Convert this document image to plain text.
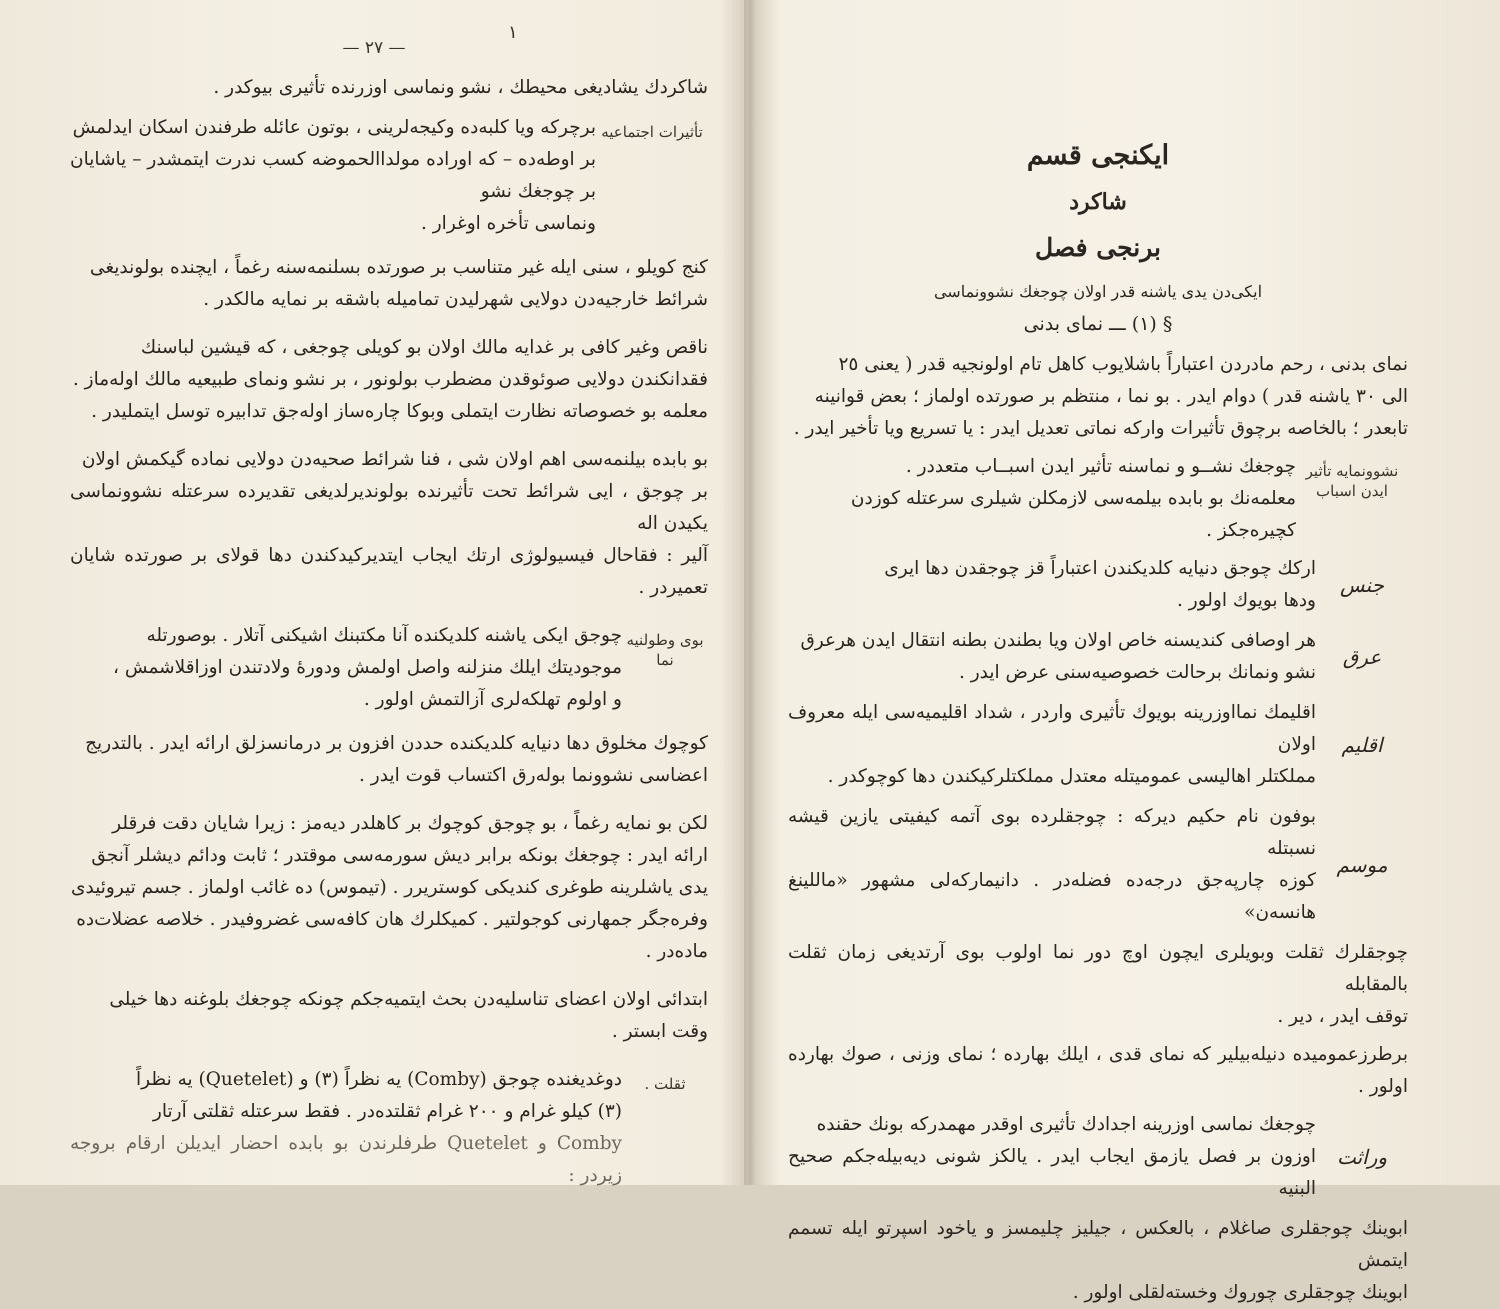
— ٢٧ —
۱

شاكردك يشاديغى محيطك ، نشو ونماسى اوزرنده تأثيرى بيوكدر .

تأثيرات اجتماعيه

برچركه ويا كلبه‌ده وكيجه‌لرينى ، بوتون عائله طرفندن اسكان ايدلمش

بر اوطه‌ده – كه اوراده مولداالحموضه كسب ندرت ايتمشدر – ياشايان بر چوجغك نشو

ونماسى تأخره اوغرار .

كنج كويلو ، سنى ايله غير متناسب بر صورتده بسلنمه‌سنه رغماً ، ايچنده بولونديغى

شرائط خارجيه‌دن دولايى شهرليدن تماميله باشقه بر نمايه مالكدر .

ناقص وغير كافى بر غدايه مالك اولان بو كويلى چوجغى ، كه قيشين لباسنك

فقدانكندن دولايى صوئوقدن مضطرب بولونور ، بر نشو ونماى طبيعيه مالك اوله‌ماز .

معلمه بو خصوصاته نظارت ايتملى وبوكا چاره‌ساز اوله‌جق تدابيره توسل ايتمليدر .

بو بابده بيلنمه‌سى اهم اولان شى ، فنا شرائط صحيه‌دن دولايى نماده گيكمش اولان

بر چوجق ، ايى شرائط تحت تأثيرنده بولونديرلديغى تقديرده سرعتله نشوونماسى يكيدن اله

آلير : فقاحال فيسيولوژى ارتك ايجاب ايتديركيدكندن دها قولاى بر صورتده شايان تعميردر .

بوى وطولنيه نما

چوجق ايكى ياشنه كلديكنده آنا مكتبنك اشيكنى آتلار . بوصورتله

موجوديتك ايلك منزلنه واصل اولمش ودورهٔ ولادتندن اوزاقلاشمش ،

و اولوم تهلكه‌لرى آزالتمش اولور .

كوچوك مخلوق دها دنيايه كلديكنده حددن افزون بر درمانسزلق ارائه ايدر . بالتدريج

اعضاسى نشوونما بوله‌رق اكتساب قوت ايدر .

لكن بو نمايه رغماً ، بو چوجق كوچوك بر كاهلدر ديه‌مز : زيرا شايان دقت فرقلر

ارائه ايدر : چوجغك بونكه برابر ديش سورمه‌سى موقتدر ؛ ثابت ودائم ديشلر آنجق

يدى ياشلرينه طوغرى كنديكى كوستريرر . (تيموس) ده غائب اولماز . جسم تيروئيدى

وفره‌جگر جمهارنى كوجولتير . كميكلرك هان كافه‌سى غضروفيدر . خلاصه عضلات‌ده

ماده‌در .

ابتدائى اولان اعضاى تناسليه‌دن بحث ايتميه‌جكم چونكه چوجغك بلوغنه دها خيلى

وقت ابستر .

ثقلت .

دوغديغنده چوجق (Comby) يه نظراً (٣) و (Quetelet) يه نظراً

(٣) كيلو غرام و ٢٠٠ غرام ثقلتده‌در . فقط سرعتله ثقلتى آرتار

Comby و Quetelet طرفلرندن بو بابده احضار ايديلن ارقام بروجه زيردر :

ايكنجى قسم
شاكرد
برنجى فصل
ايكى‌دن يدى ياشنه قدر اولان چوجغك نشوونماسى
§ (١) ـــ نماى بدنى

نماى بدنى ، رحم مادردن اعتباراً باشلايوب كاهل تام اولونجيه قدر ( يعنى ٢٥

الى ٣٠ ياشنه قدر ) دوام ايدر . بو نما ، منتظم بر صورتده اولماز ؛ بعض قوانينه

تابعدر ؛ بالخاصه برچوق تأثيرات واركه نماتى تعديل ايدر : يا تسريع ويا تأخير ايدر .

نشوونمايه تأثير ايدن اسباب

چوجغك نشــو و نماسنه تأثير ايدن اسبــاب متعددر .

معلمه‌نك بو بابده بيلمه‌سى لازمكلن شيلرى سرعتله كوزدن

كچيره‌جكز .

جنس

اركك چوجق دنيايه كلديكندن اعتباراً قز چوجقدن دها ايرى

ودها بويوك اولور .

عرق

هر اوصافى كنديسنه خاص اولان ويا بطندن بطنه انتقال ايدن هرعرق

نشو ونمانك برحالت خصوصيه‌سنى عرض ايدر .

اقليم

اقليمك نمااوزرينه بويوك تأثيرى واردر ، شداد اقليميه‌سى ايله معروف اولان

مملكتلر اهاليسى عموميتله معتدل مملكتلركيكندن دها كوچوكدر .

موسم

بوفون نام حكيم ديركه : چوجقلرده بوى آتمه كيفيتى يازين قيشه نسبتله

كوزه چارپه‌جق درجه‌ده فضله‌در . دانيماركه‌لى مشهور «ماللينغ هانسه‌ن»

چوجقلرك ثقلت وبويلرى ايچون اوچ دور نما اولوب بوى آرتديغى زمان ثقلت بالمقابله

توقف ايدر ، دير .

برطرزعموميده دنيله‌بيلير كه نماى قدى ، ايلك بهارده ؛ نماى وزنى ، صوك بهارده اولور .

وراثت

چوجغك نماسى اوزرينه اجدادك تأثيرى اوقدر مهمدركه بونك حقنده

اوزون بر فصل يازمق ايجاب ايدر . يالكز شونى ديه‌بيله‌جكم صحيح البنيه

ابوينك چوجقلرى صاغلام ، بالعكس ، جيليز چليمسز و ياخود اسپرتو ايله تسمم ايتمش

ابوينك چوجقلرى چوروك وخسته‌لقلى اولور .
